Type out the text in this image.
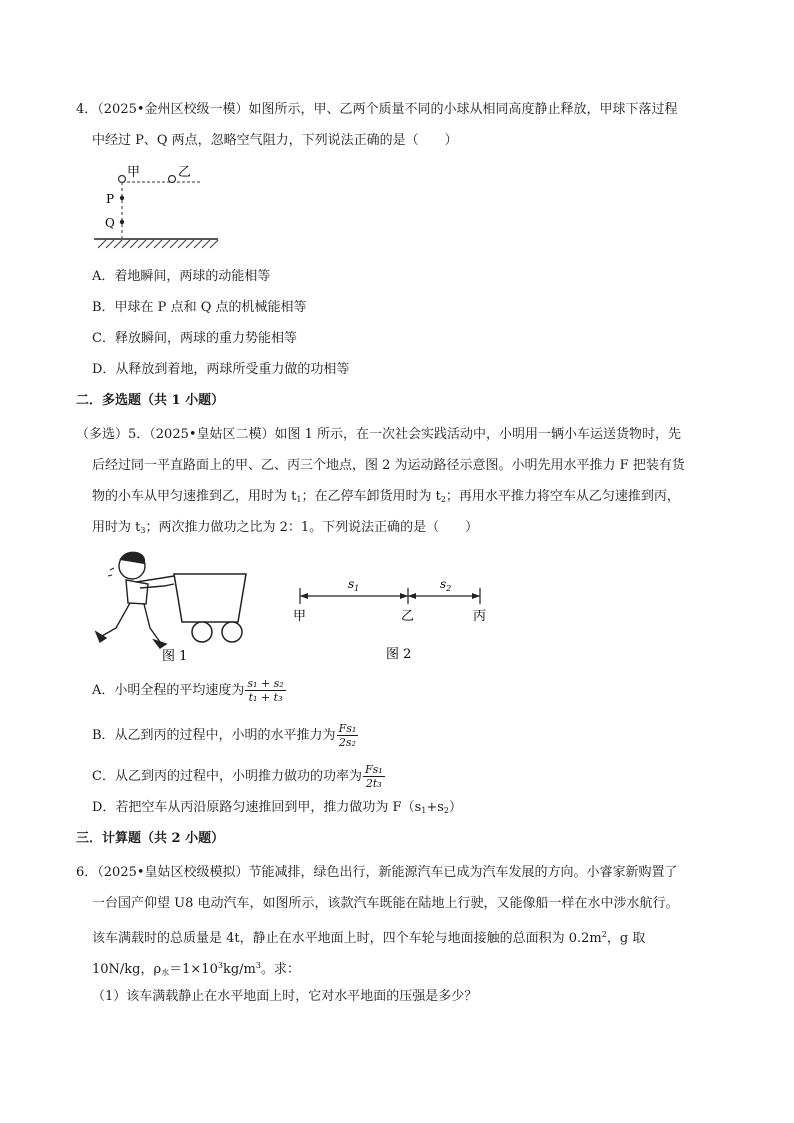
4．（2025•金州区校级一模）如图所示，甲、乙两个质量不同的小球从相同高度静止释放，甲球下落过程
中经过 P、Q 两点，忽略空气阻力，下列说法正确的是（　　）
甲	乙
P
Q
A．着地瞬间，两球的动能相等
B．甲球在 P 点和 Q 点的机械能相等
C．释放瞬间，两球的重力势能相等
D．从释放到着地，两球所受重力做的功相等
二．多选题（共 1 小题）
（多选）5．（2025•皇姑区二模）如图 1 所示，在一次社会实践活动中，小明用一辆小车运送货物时，先
后经过同一平直路面上的甲、乙、丙三个地点，图 2 为运动路径示意图。小明先用水平推力 F 把装有货
物的小车从甲匀速推到乙，用时为 $t_1$；在乙停车卸货用时为 $t_2$；再用水平推力将空车从乙匀速推到丙，
用时为 $t_3$；两次推力做功之比为 2：1。下列说法正确的是（　　）
图 1
$s_1$	$s_2$
甲	乙	丙
图 2
A．小明全程的平均速度为 $\frac{\text{s₁ + s₂}}{\text{t₁ + t₃}}$
B．从乙到丙的过程中，小明的水平推力为 $\frac{\text{Fs₁}}{\text{2s₂}}$
C．从乙到丙的过程中，小明推力做功的功率为 $\frac{\text{Fs₁}}{\text{2t₃}}$
D．若把空车从丙沿原路匀速推回到甲，推力做功为 $F(s_1+s_2)$
三．计算题（共 2 小题）
6．（2025•皇姑区校级模拟）节能减排，绿色出行，新能源汽车已成为汽车发展的方向。小睿家新购置了
一台国产仰望 U8 电动汽车，如图所示，该款汽车既能在陆地上行驶，又能像船一样在水中涉水航行。
该车满载时的总质量是 4t，静止在水平地面上时，四个车轮与地面接触的总面积为 $0.2m^2$，g 取
10N/kg，$\rho_水=1\times 10^3kg/m^3$。求：
（1）该车满载静止在水平地面上时，它对水平地面的压强是多少？
